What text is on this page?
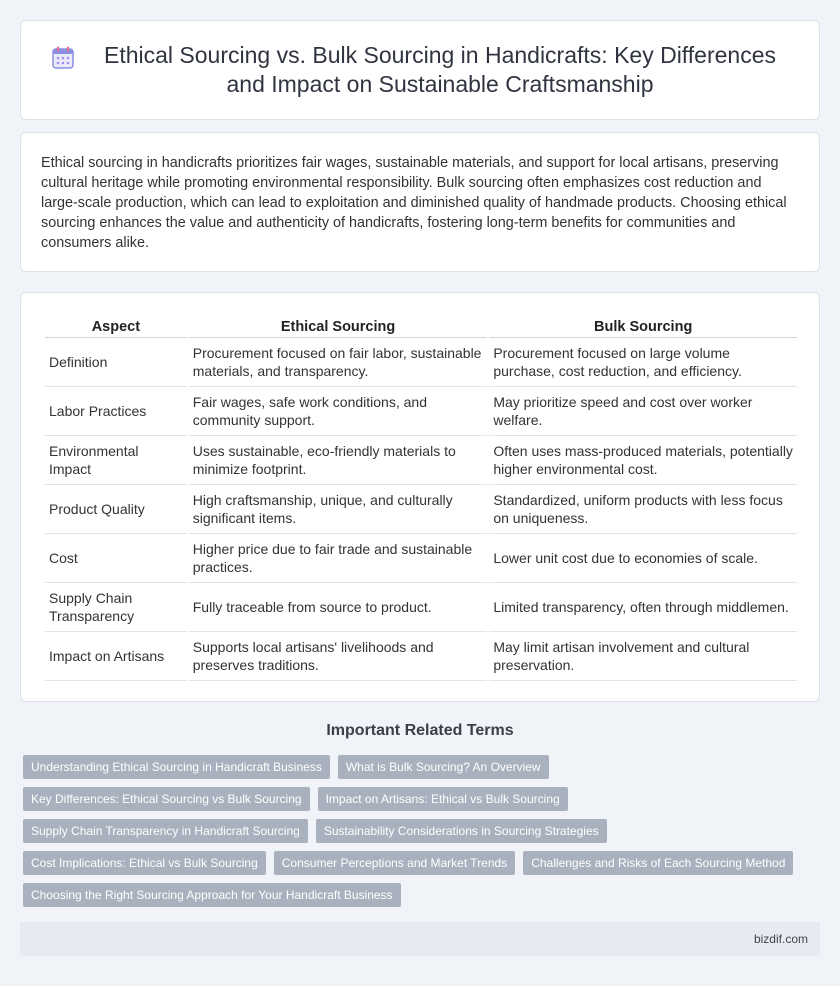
Ethical Sourcing vs. Bulk Sourcing in Handicrafts: Key Differences and Impact on Sustainable Craftsmanship

Ethical sourcing in handicrafts prioritizes fair wages, sustainable materials, and support for local artisans, preserving cultural heritage while promoting environmental responsibility. Bulk sourcing often emphasizes cost reduction and large-scale production, which can lead to exploitation and diminished quality of handmade products. Choosing ethical sourcing enhances the value and authenticity of handicrafts, fostering long-term benefits for communities and consumers alike.

Aspect	Ethical Sourcing	Bulk Sourcing
Definition	Procurement focused on fair labor, sustainable materials, and transparency.	Procurement focused on large volume purchase, cost reduction, and efficiency.
Labor Practices	Fair wages, safe work conditions, and community support.	May prioritize speed and cost over worker welfare.
Environmental Impact	Uses sustainable, eco-friendly materials to minimize footprint.	Often uses mass-produced materials, potentially higher environmental cost.
Product Quality	High craftsmanship, unique, and culturally significant items.	Standardized, uniform products with less focus on uniqueness.
Cost	Higher price due to fair trade and sustainable practices.	Lower unit cost due to economies of scale.
Supply Chain Transparency	Fully traceable from source to product.	Limited transparency, often through middlemen.
Impact on Artisans	Supports local artisans' livelihoods and preserves traditions.	May limit artisan involvement and cultural preservation.
Important Related Terms
Understanding Ethical Sourcing in Handicraft Business	What is Bulk Sourcing? An Overview
Key Differences: Ethical Sourcing vs Bulk Sourcing	Impact on Artisans: Ethical vs Bulk Sourcing
Supply Chain Transparency in Handicraft Sourcing	Sustainability Considerations in Sourcing Strategies
Cost Implications: Ethical vs Bulk Sourcing	Consumer Perceptions and Market Trends	Challenges and Risks of Each Sourcing Method
Choosing the Right Sourcing Approach for Your Handicraft Business
bizdif.com
